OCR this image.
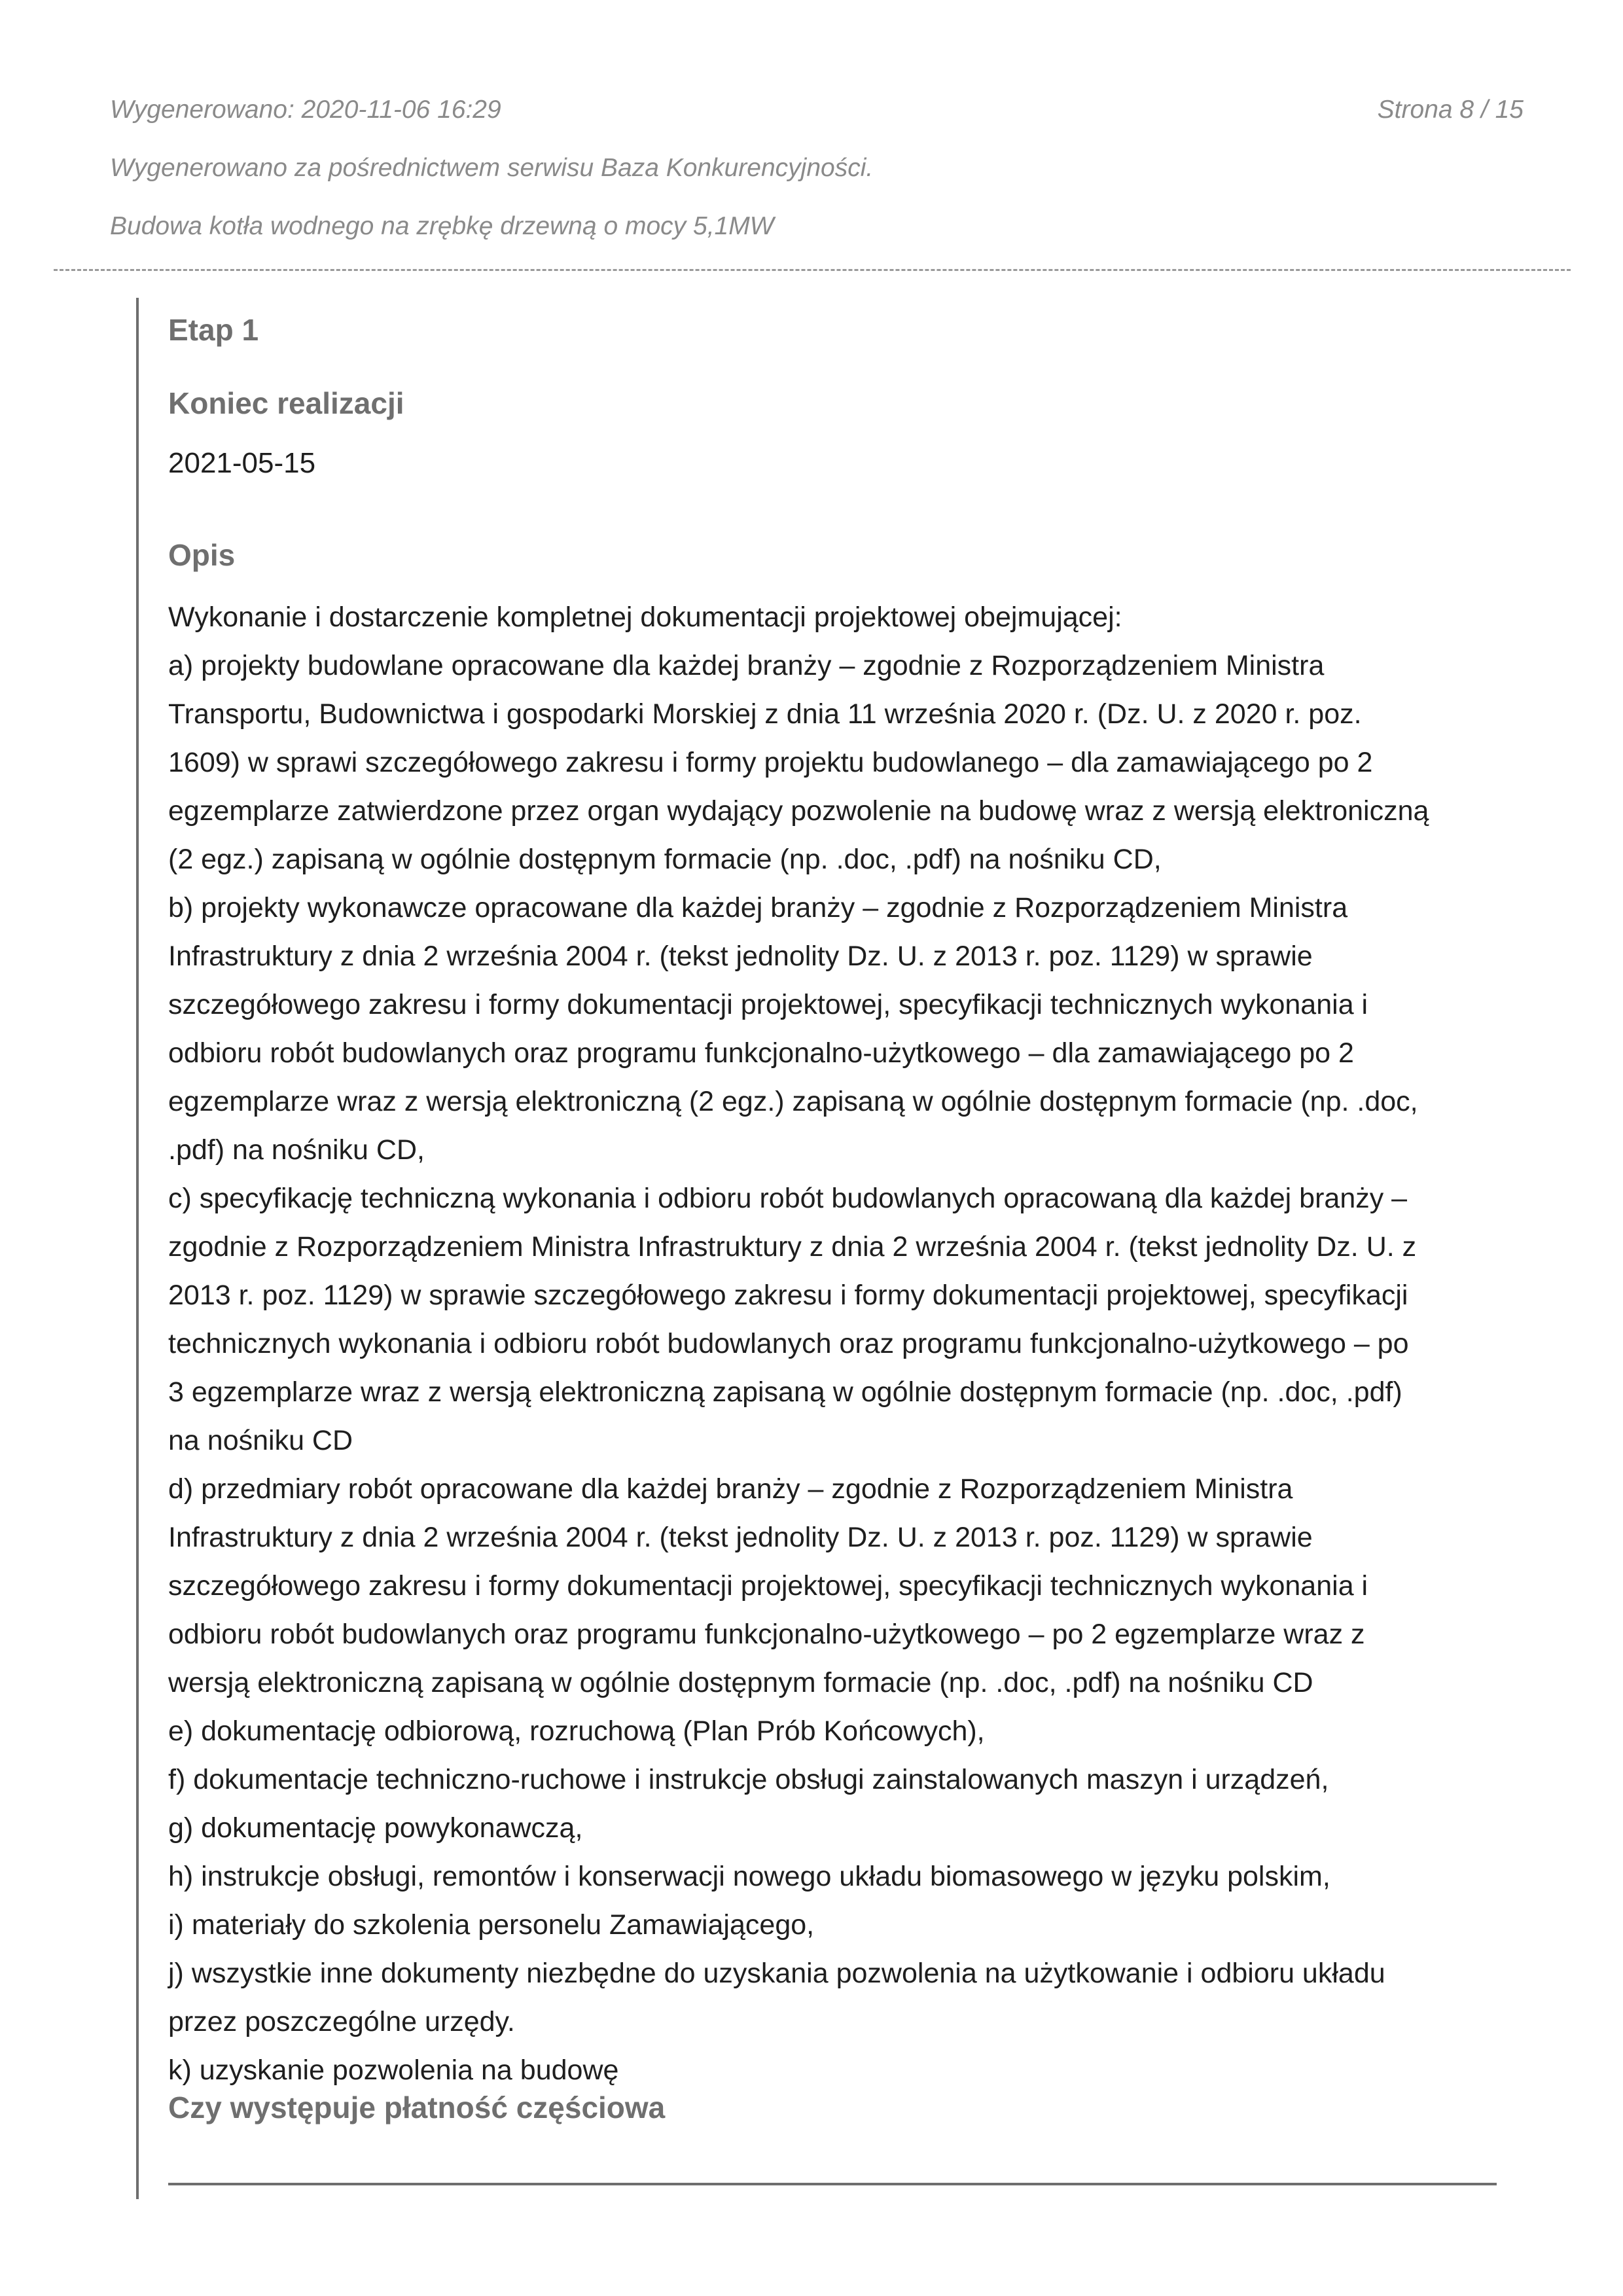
Wygenerowano: 2020-11-06 16:29	Strona 8 / 15
Wygenerowano za pośrednictwem serwisu Baza Konkurencyjności.
Budowa kotła wodnego na zrębkę drzewną o mocy 5,1MW
Etap 1
Koniec realizacji
2021-05-15
Opis
Wykonanie i dostarczenie kompletnej dokumentacji projektowej obejmującej:
a) projekty budowlane opracowane dla każdej branży – zgodnie z Rozporządzeniem Ministra
Transportu, Budownictwa i gospodarki Morskiej z dnia 11 września 2020 r. (Dz. U. z 2020 r. poz.
1609) w sprawi szczegółowego zakresu i formy projektu budowlanego – dla zamawiającego po 2
egzemplarze zatwierdzone przez organ wydający pozwolenie na budowę wraz z wersją elektroniczną
(2 egz.) zapisaną w ogólnie dostępnym formacie (np. .doc, .pdf) na nośniku CD,
b) projekty wykonawcze opracowane dla każdej branży – zgodnie z Rozporządzeniem Ministra
Infrastruktury z dnia 2 września 2004 r. (tekst jednolity Dz. U. z 2013 r. poz. 1129) w sprawie
szczegółowego zakresu i formy dokumentacji projektowej, specyfikacji technicznych wykonania i
odbioru robót budowlanych oraz programu funkcjonalno-użytkowego – dla zamawiającego po 2
egzemplarze wraz z wersją elektroniczną (2 egz.) zapisaną w ogólnie dostępnym formacie (np. .doc,
.pdf) na nośniku CD,
c) specyfikację techniczną wykonania i odbioru robót budowlanych opracowaną dla każdej branży –
zgodnie z Rozporządzeniem Ministra Infrastruktury z dnia 2 września 2004 r. (tekst jednolity Dz. U. z
2013 r. poz. 1129) w sprawie szczegółowego zakresu i formy dokumentacji projektowej, specyfikacji
technicznych wykonania i odbioru robót budowlanych oraz programu funkcjonalno-użytkowego – po
3 egzemplarze wraz z wersją elektroniczną zapisaną w ogólnie dostępnym formacie (np. .doc, .pdf)
na nośniku CD
d) przedmiary robót opracowane dla każdej branży – zgodnie z Rozporządzeniem Ministra
Infrastruktury z dnia 2 września 2004 r. (tekst jednolity Dz. U. z 2013 r. poz. 1129) w sprawie
szczegółowego zakresu i formy dokumentacji projektowej, specyfikacji technicznych wykonania i
odbioru robót budowlanych oraz programu funkcjonalno-użytkowego – po 2 egzemplarze wraz z
wersją elektroniczną zapisaną w ogólnie dostępnym formacie (np. .doc, .pdf) na nośniku CD
e) dokumentację odbiorową, rozruchową (Plan Prób Końcowych),
f) dokumentacje techniczno-ruchowe i instrukcje obsługi zainstalowanych maszyn i urządzeń,
g) dokumentację powykonawczą,
h) instrukcje obsługi, remontów i konserwacji nowego układu biomasowego w języku polskim,
i) materiały do szkolenia personelu Zamawiającego,
j) wszystkie inne dokumenty niezbędne do uzyskania pozwolenia na użytkowanie i odbioru układu
przez poszczególne urzędy.
k) uzyskanie pozwolenia na budowę
Czy występuje płatność częściowa
